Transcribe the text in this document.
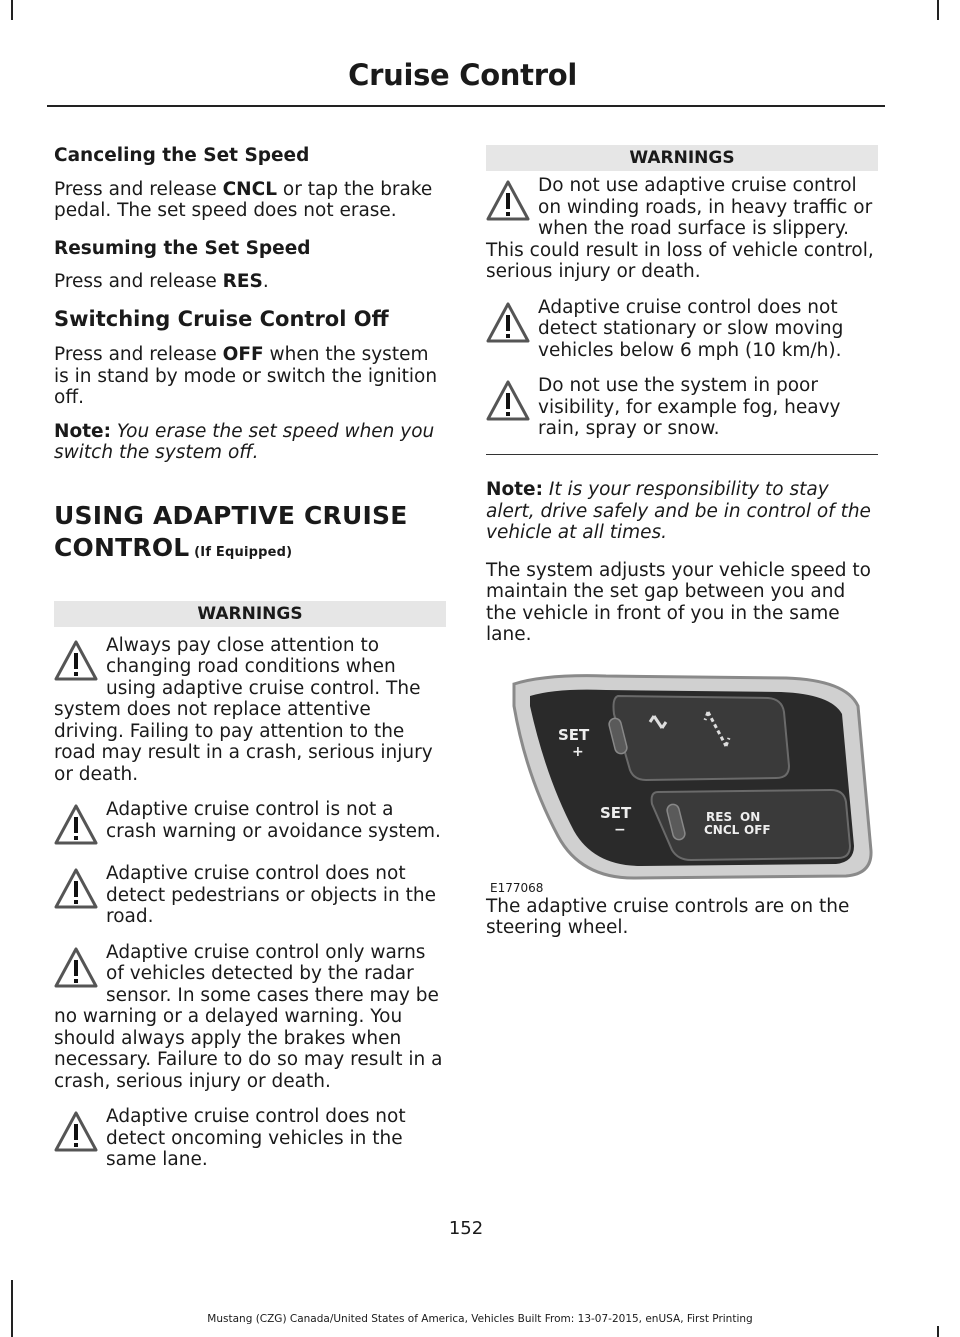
Cruise Control
Canceling the Set Speed

Press and release CNCL or tap the brake pedal. The set speed does not erase.

Resuming the Set Speed

Press and release RES.

Switching Cruise Control Off

Press and release OFF when the system is in stand by mode or switch the ignition off.

Note: You erase the set speed when you switch the system off.

USING ADAPTIVE CRUISE
CONTROL (If Equipped)
WARNINGS

Always pay close attention to changing road conditions when using adaptive cruise control. The system does not replace attentive driving. Failing to pay attention to the road may result in a crash, serious injury or death.

Adaptive cruise control is not a crash warning or avoidance system.

Adaptive cruise control does not detect pedestrians or objects in the road.

Adaptive cruise control only warns of vehicles detected by the radar sensor. In some cases there may be no warning or a delayed warning. You should always apply the brakes when necessary. Failure to do so may result in a crash, serious injury or death.

Adaptive cruise control does not detect oncoming vehicles in the same lane.

WARNINGS

Do not use adaptive cruise control on winding roads, in heavy traffic or when the road surface is slippery. This could result in loss of vehicle control, serious injury or death.

Adaptive cruise control does not detect stationary or slow moving vehicles below 6 mph (10 km/h).

Do not use the system in poor visibility, for example fog, heavy rain, spray or snow.

Note: It is your responsibility to stay alert, drive safely and be in control of the vehicle at all times.

The system adjusts your vehicle speed to maintain the set gap between you and the vehicle in front of you in the same lane.

SET
+
SET
−
RES ON
CNCL OFF
E177068

The adaptive cruise controls are on the steering wheel.

152
Mustang (CZG) Canada/United States of America, Vehicles Built From: 13-07-2015, enUSA, First Printing
